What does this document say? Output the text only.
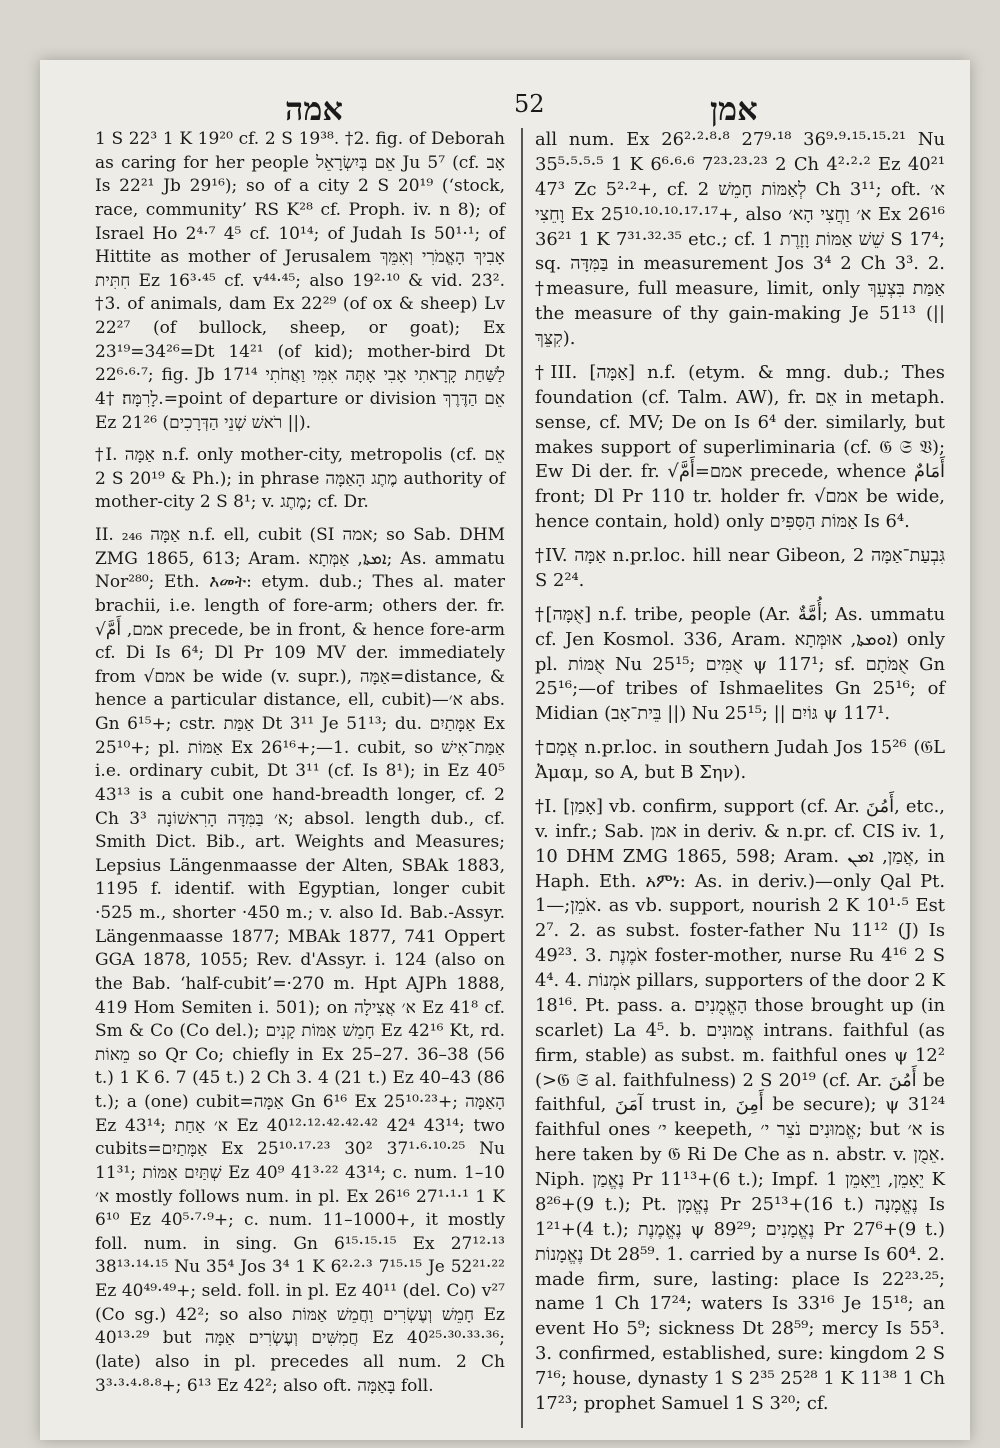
אמה	52	אמן

1 S 22³ 1 K 19²⁰ cf. 2 S 19³⁸. †2. fig. of Deborah as caring for her people אֵם בְּיִשְׂרָאֵל Ju 5⁷ (cf. אָב Is 22²¹ Jb 29¹⁶); so of a city 2 S 20¹⁹ (‘stock, race, community’ RS K²⁸ cf. Proph. iv. n 8); of Israel Ho 2⁴·⁷ 4⁵ cf. 10¹⁴; of Judah Is 50¹·¹; of Hittite as mother of Jerusalem אָבִיךְ הָאֱמֹרִי וְאִמֵּךְ חִתִּית Ez 16³·⁴⁵ cf. v⁴⁴·⁴⁵; also 19²·¹⁰ & vid. 23². †3. of animals, dam Ex 22²⁹ (of ox & sheep) Lv 22²⁷ (of bullock, sheep, or goat); Ex 23¹⁹=34²⁶=Dt 14²¹ (of kid); mother-bird Dt 22⁶·⁶·⁷; fig. Jb 17¹⁴ לַשַּׁחַת קָרָאתִי אָבִי אָתָּה אִמִּי וַאֲחֹתִי לָרִמָּה׃ †4.=point of departure or division אֵם הַדֶּרֶךְ Ez 21²⁶ (רֹאשׁ שְׁנֵי הַדְּרָכִים ||).

†I. אַמָּה n.f. only mother-city, metropolis (cf. אֵם 2 S 20¹⁹ & Ph.); in phrase מֶתֶג הָאַמָּה authority of mother-city 2 S 8¹; v. מֶתֶג; cf. Dr.

II. אַמָּה ₂₄₆ n.f. ell, cubit (SI אמה; so Sab. DHM ZMG 1865, 613; Aram. ܐܡܬܐ, אַמְּתָא; As. ammatu Nor²⁸⁰; Eth. እመት: etym. dub.; Thes al. mater brachii, i.e. length of fore-arm; others der. fr. √אמם, أَمَّ precede, be in front, & hence fore-arm cf. Di Is 6⁴; Dl Pr 109 MV der. immediately from √אמם be wide (v. supr.), אַמָּה=distance, & hence a particular distance, ell, cubit)—א׳ abs. Gn 6¹⁵+; cstr. אַמַּת Dt 3¹¹ Je 51¹³; du. אַמָּתַיִם Ex 25¹⁰+; pl. אַמּוֹת Ex 26¹⁶+;—1. cubit, so אַמַּת־אִישׁ i.e. ordinary cubit, Dt 3¹¹ (cf. Is 8¹); in Ez 40⁵ 43¹³ is a cubit one hand-breadth longer, cf. 2 Ch 3³ א׳ בַּמִּדָּה הָרִאשׁוֹנָה; absol. length dub., cf. Smith Dict. Bib., art. Weights and Measures; Lepsius Längenmaasse der Alten, SBAk 1883, 1195 f. identif. with Egyptian, longer cubit ·525 m., shorter ·450 m.; v. also Id. Bab.-Assyr. Längenmaasse 1877; MBAk 1877, 741 Oppert GGA 1878, 1055; Rev. d'Assyr. i. 124 (also on the Bab. ‘half-cubit’=·270 m. Hpt AJPh 1888, 419 Hom Semiten i. 501); on א׳ אֲצִילָה Ez 41⁸ cf. Sm & Co (Co del.); חָמֵשׁ אַמּוֹת קָנִים Ez 42¹⁶ Kt, rd. מֵאוֹת so Qr Co; chiefly in Ex 25–27. 36–38 (56 t.) 1 K 6. 7 (45 t.) 2 Ch 3. 4 (21 t.) Ez 40–43 (86 t.); a (one) cubit=אַמָּה Gn 6¹⁶ Ex 25¹⁰·²³+; הָאַמָּה Ez 43¹⁴; א׳ אַחַת Ez 40¹²·¹²·⁴²·⁴²·⁴² 42⁴ 43¹⁴; two cubits=אַמָּתַיִם Ex 25¹⁰·¹⁷·²³ 30² 37¹·⁶·¹⁰·²⁵ Nu 11³¹; שְׁתַּיִם אַמּוֹת Ez 40⁹ 41³·²² 43¹⁴; c. num. 1–10 א׳ mostly follows num. in pl. Ex 26¹⁶ 27¹·¹·¹ 1 K 6¹⁰ Ez 40⁵·⁷·⁹+; c. num. 11–1000+, it mostly foll. num. in sing. Gn 6¹⁵·¹⁵·¹⁵ Ex 27¹²·¹³ 38¹³·¹⁴·¹⁵ Nu 35⁴ Jos 3⁴ 1 K 6²·²·³ 7¹⁵·¹⁵ Je 52²¹·²² Ez 40⁴⁹·⁴⁹+; seld. foll. in pl. Ez 40¹¹ (del. Co) v²⁷ (Co sg.) 42²; so also חָמֵשׁ וְעֶשְׂרִים וַחֲמֵשׁ אַמּוֹת Ez 40¹³·²⁹ but חֲמִשִּׁים וְעֶשְׂרִים אַמָּה Ez 40²⁵·³⁰·³³·³⁶; (late) also in pl. precedes all num. 2 Ch 3³·³·⁴·⁸·⁸+; 6¹³ Ez 42²; also oft. בָּאַמָּה foll.

all num. Ex 26²·²·⁸·⁸ 27⁹·¹⁸ 36⁹·⁹·¹⁵·¹⁵·²¹ Nu 35⁵·⁵·⁵·⁵ 1 K 6⁶·⁶·⁶ 7²³·²³·²³ 2 Ch 4²·²·² Ez 40²¹ 47³ Zc 5²·²+, cf. לְאַמּוֹת חָמֵשׁ 2 Ch 3¹¹; oft. א׳ וָחֵצִי Ex 25¹⁰·¹⁰·¹⁰·¹⁷·¹⁷+, also א׳ וַחֲצִי הָא׳ Ex 26¹⁶ 36²¹ 1 K 7³¹·³²·³⁵ etc.; cf. שֵׁשׁ אַמּוֹת וָזָרֶת 1 S 17⁴; sq. בַּמִּדָּה in measurement Jos 3⁴ 2 Ch 3³. 2. †measure, full measure, limit, only אַמַּת בִּצְעֵךְ the measure of thy gain-making Je 51¹³ (|| קִצֵּךְ).

†III. [אַמָּה] n.f. (etym. & mng. dub.; Thes foundation (cf. Talm. AW), fr. אֵם in metaph. sense, cf. MV; De on Is 6⁴ der. similarly, but makes support of superliminaria (cf. 𝔊 𝔖 𝔙); Ew Di der. fr. √אמם=أَمَّ precede, whence أَمَامٌ front; Dl Pr 110 tr. holder fr. √אמם be wide, hence contain, hold) only אַמּוֹת הַסִּפִּים Is 6⁴.

†IV. אַמָּה n.pr.loc. hill near Gibeon, גִּבְעַת־אַמָּה 2 S 2²⁴.

†[אֻמָּה] n.f. tribe, people (Ar. أُمَّةٌ; As. ummatu cf. Jen Kosmol. 336, Aram. ܐܘܡܬܐ, אוּמְּתָא) only pl. אֻמּוֹת Nu 25¹⁵; אֻמִּים ψ 117¹; sf. אֻמֹּתָם Gn 25¹⁶;—of tribes of Ishmaelites Gn 25¹⁶; of Midian (בֵּית־אָב ||) Nu 25¹⁵; || גּוֹיִם ψ 117¹.

†אֲמָם n.pr.loc. in southern Judah Jos 15²⁶ (𝔊L Ἀμαμ, so A, but B Σην).

†I. [אָמַן] vb. confirm, support (cf. Ar. أَمُنَ, etc., v. infr.; Sab. אמן in deriv. & n.pr. cf. CIS iv. 1, 10 DHM ZMG 1865, 598; Aram. אֲמַן, ܐܡܢ, in Haph. Eth. አምነ: As. in deriv.)—only Qal Pt. אֹמֵן;—1. as vb. support, nourish 2 K 10¹·⁵ Est 2⁷. 2. as subst. foster-father Nu 11¹² (J) Is 49²³. 3. אֹמֶנֶת foster-mother, nurse Ru 4¹⁶ 2 S 4⁴. 4. אֹמְנוֹת pillars, supporters of the door 2 K 18¹⁶. Pt. pass. a. הָאֱמֻנִים those brought up (in scarlet) La 4⁵. b. אֱמוּנִים intrans. faithful (as firm, stable) as subst. m. faithful ones ψ 12² (>𝔊 𝔖 al. faithfulness) 2 S 20¹⁹ (cf. Ar. أَمُنَ be faithful, آمَنَ trust in, أَمِنَ be secure); ψ 31²⁴ faithful ones י׳ keepeth, אֱמוּנִים נֹצֵר י׳; but א׳ is here taken by 𝔊 Ri De Che as n. abstr. v. אֵמֻן. Niph. נֶאֱמַן Pr 11¹³+(6 t.); Impf. יֵאָמֵן, וַיֵּאָמֵן 1 K 8²⁶+(9 t.); Pt. נֶאֱמָן Pr 25¹³+(16 t.) נֶאֱמָנָה Is 1²¹+(4 t.); נֶאֱמֶנֶת ψ 89²⁹; נֶאֱמָנִים Pr 27⁶+(9 t.) נֶאֱמָנוֹת Dt 28⁵⁹. 1. carried by a nurse Is 60⁴. 2. made firm, sure, lasting: place Is 22²³·²⁵; name 1 Ch 17²⁴; waters Is 33¹⁶ Je 15¹⁸; an event Ho 5⁹; sickness Dt 28⁵⁹; mercy Is 55³. 3. confirmed, established, sure: kingdom 2 S 7¹⁶; house, dynasty 1 S 2³⁵ 25²⁸ 1 K 11³⁸ 1 Ch 17²³; prophet Samuel 1 S 3²⁰; cf.
